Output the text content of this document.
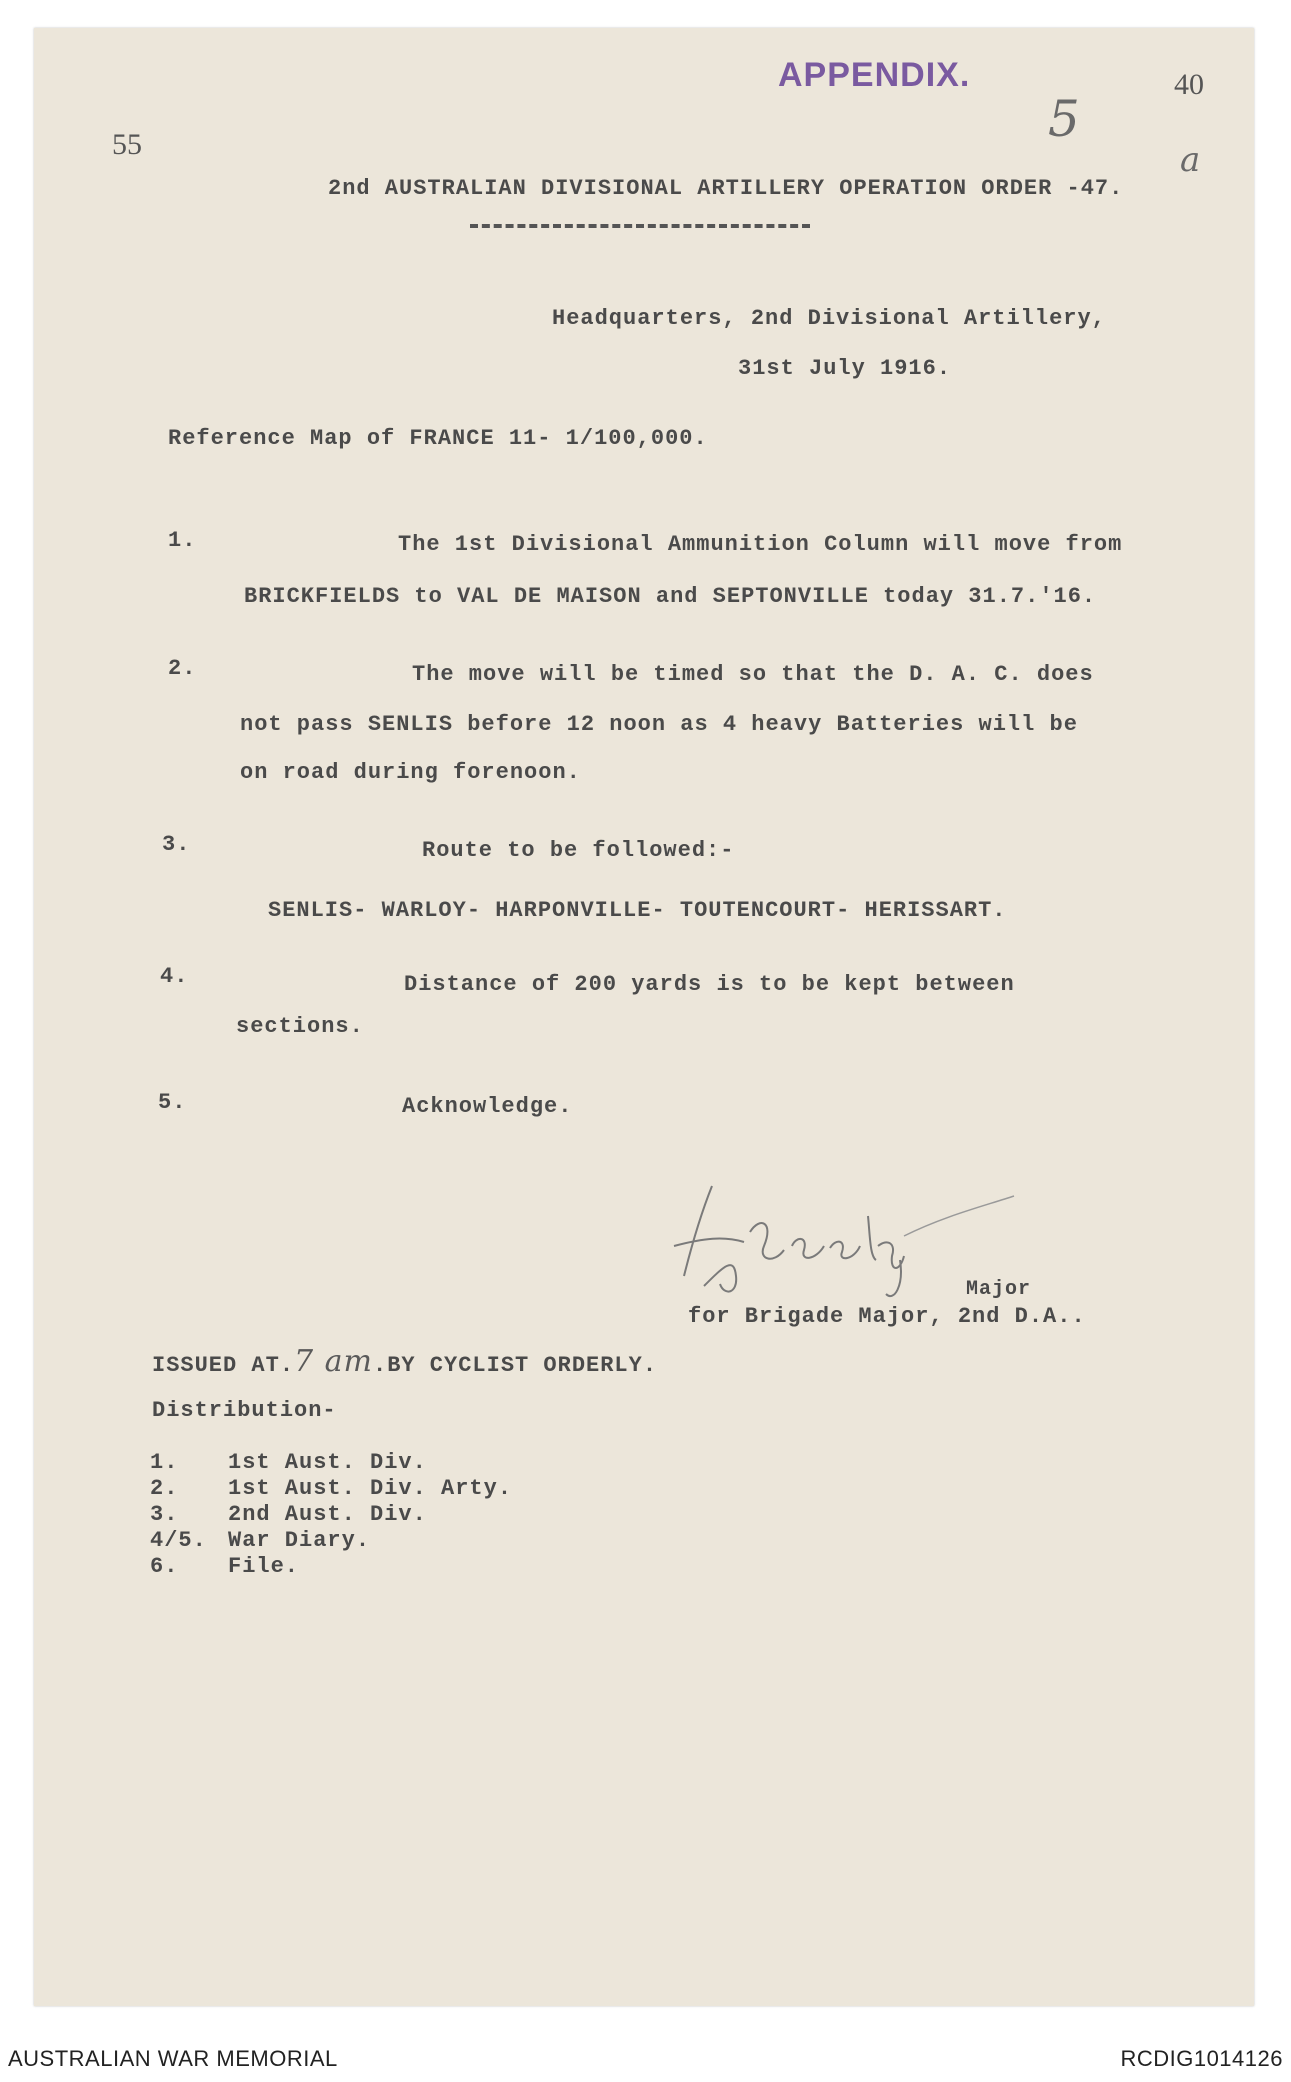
APPENDIX.	40
55	5
a
2nd AUSTRALIAN DIVISIONAL ARTILLERY OPERATION ORDER -47.
Headquarters, 2nd Divisional Artillery,
31st July 1916.
Reference Map of FRANCE 11- 1/100,000.
1.	The 1st Divisional Ammunition Column will move from
BRICKFIELDS to VAL DE MAISON and SEPTONVILLE today 31.7.'16.
2.	The move will be timed so that the D. A. C. does
not pass SENLIS before 12 noon as 4 heavy Batteries will be
on road during forenoon.
3.	Route to be followed:-
SENLIS- WARLOY- HARPONVILLE- TOUTENCOURT- HERISSART.
4.	Distance of 200 yards is to be kept between
sections.
5.	Acknowledge.
Major
for Brigade Major, 2nd D.A..
ISSUED AT.7 am.BY CYCLIST ORDERLY.
Distribution-
1. 1st Aust. Div.
2. 1st Aust. Div. Arty.
3. 2nd Aust. Div.
4/5. War Diary.
6. File.
AUSTRALIAN WAR MEMORIAL	RCDIG1014126
